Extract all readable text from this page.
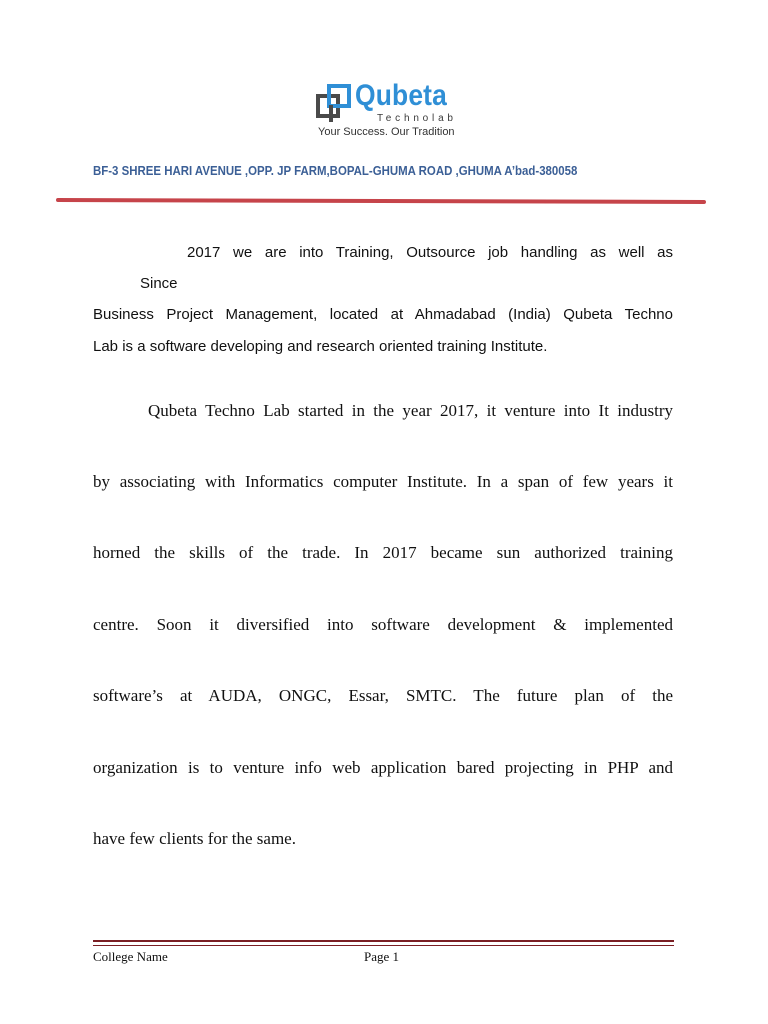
Qubeta
Technolab
Your Success. Our Tradition
BF-3 SHREE HARI AVENUE ,OPP. JP FARM,BOPAL-GHUMA ROAD ,GHUMA A’bad-380058
2017 we are into Training, Outsource job handling as well as
Since
Business Project Management, located at Ahmadabad (India) Qubeta Techno
Lab is a software developing and research oriented training Institute.
Qubeta Techno Lab started in the year 2017, it venture into It industry
by associating with Informatics computer Institute. In a span of few years it
horned the skills of the trade. In 2017 became sun authorized training
centre. Soon it diversified into software development & implemented
software’s at AUDA, ONGC, Essar, SMTC. The future plan of the
organization is to venture info web application bared projecting in PHP and
have few clients for the same.
College Name	Page 1
